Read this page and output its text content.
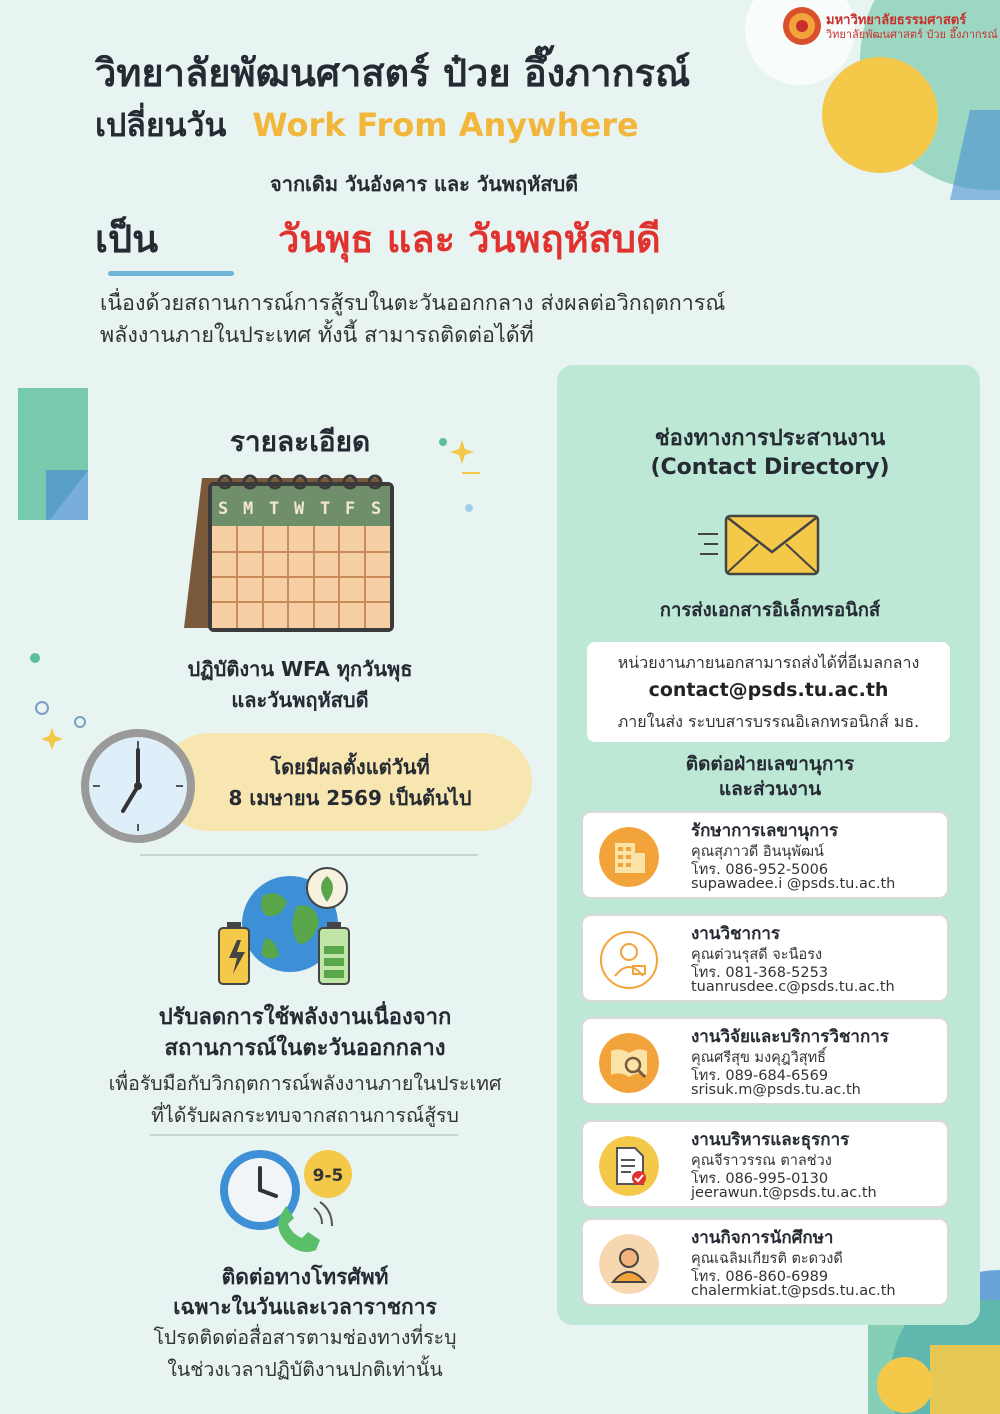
มหาวิทยาลัยธรรมศาสตร์
วิทยาลัยพัฒนศาสตร์ ป๋วย อึ๊งภากรณ์
วิทยาลัยพัฒนศาสตร์ ป๋วย อึ๊งภากรณ์
เปลี่ยนวัน Work From Anywhere
จากเดิม วันอังคาร และ วันพฤหัสบดี
เป็น	วันพุธ และ วันพฤหัสบดี
เนื่องด้วยสถานการณ์การสู้รบในตะวันออกกลาง ส่งผลต่อวิกฤตการณ์
พลังงานภายในประเทศ ทั้งนี้ สามารถติดต่อได้ที่
รายละเอียด
S M T W T F S
ปฏิบัติงาน WFA ทุกวันพุธ
และวันพฤหัสบดี
โดยมีผลตั้งแต่วันที่
8 เมษายน 2569 เป็นต้นไป
ปรับลดการใช้พลังงานเนื่องจาก
สถานการณ์ในตะวันออกกลาง
เพื่อรับมือกับวิกฤตการณ์พลังงานภายในประเทศ
ที่ได้รับผลกระทบจากสถานการณ์สู้รบ
9-5
ติดต่อทางโทรศัพท์
เฉพาะในวันและเวลาราชการ
โปรดติดต่อสื่อสารตามช่องทางที่ระบุ
ในช่วงเวลาปฏิบัติงานปกติเท่านั้น
ช่องทางการประสานงาน
(Contact Directory)
การส่งเอกสารอิเล็กทรอนิกส์
หน่วยงานภายนอกสามารถส่งได้ที่อีเมลกลาง
contact@psds.tu.ac.th
ภายในส่ง ระบบสารบรรณอิเลกทรอนิกส์ มธ.
ติดต่อฝ่ายเลขานุการ
และส่วนงาน
รักษาการเลขานุการ
คุณสุภาวดี อินนุพัฒน์
โทร. 086-952-5006
supawadee.i @psds.tu.ac.th
งานวิชาการ
คุณต่วนรุสดี จะนือรง
โทร. 081-368-5253
tuanrusdee.c@psds.tu.ac.th
งานวิจัยและบริการวิชาการ
คุณศรีสุข มงคุฎวิสุทธิ์
โทร. 089-684-6569
srisuk.m@psds.tu.ac.th
งานบริหารและธุรการ
คุณจีราวรรณ ตาลช่วง
โทร. 086-995-0130
jeerawun.t@psds.tu.ac.th
งานกิจการนักศึกษา
คุณเฉลิมเกียรติ ตะดวงดี
โทร. 086-860-6989
chalermkiat.t@psds.tu.ac.th
